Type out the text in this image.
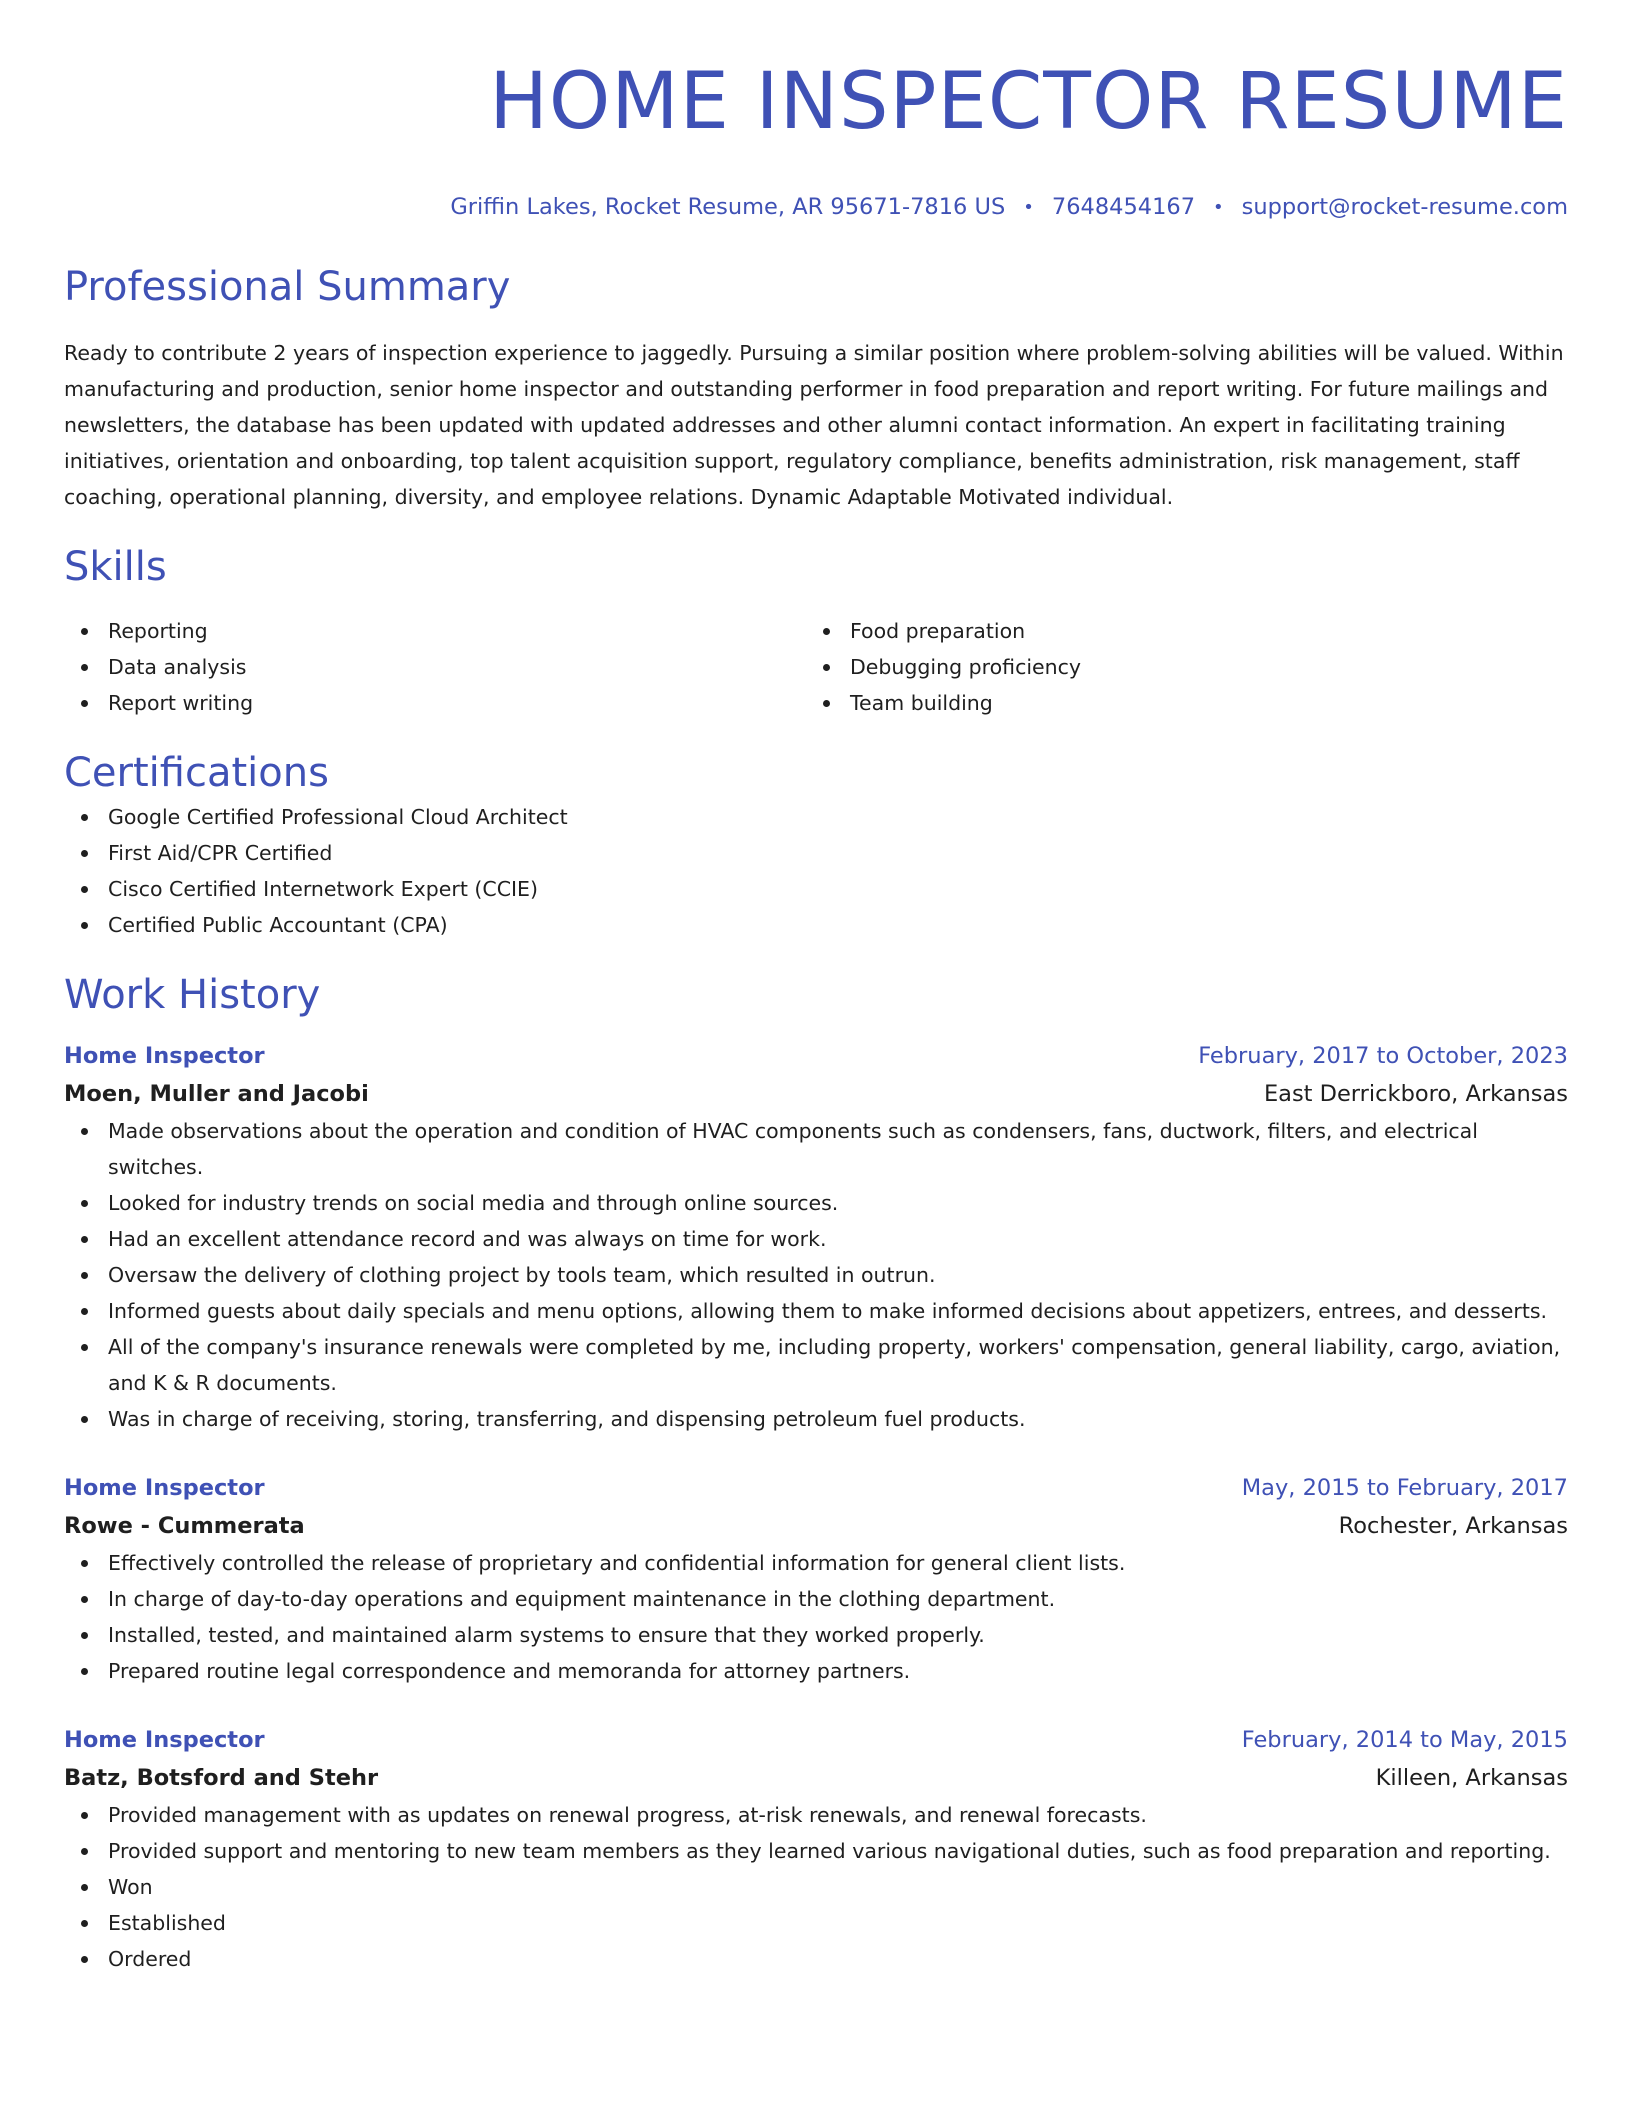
HOME INSPECTOR RESUME
Griffin Lakes, Rocket Resume, AR 95671-7816 US • 7648454167 • support@rocket-resume.com
Professional Summary
Ready to contribute 2 years of inspection experience to jaggedly. Pursuing a similar position where problem-solving abilities will be valued. Within manufacturing and production, senior home inspector and outstanding performer in food preparation and report writing. For future mailings and newsletters, the database has been updated with updated addresses and other alumni contact information. An expert in facilitating training initiatives, orientation and onboarding, top talent acquisition support, regulatory compliance, benefits administration, risk management, staff coaching, operational planning, diversity, and employee relations. Dynamic Adaptable Motivated individual.
Skills
Reporting
Data analysis
Report writing
Food preparation
Debugging proficiency
Team building
Certifications
Google Certified Professional Cloud Architect
First Aid/CPR Certified
Cisco Certified Internetwork Expert (CCIE)
Certified Public Accountant (CPA)
Work History
Home Inspector	February, 2017 to October, 2023
Moen, Muller and Jacobi	East Derrickboro, Arkansas
Made observations about the operation and condition of HVAC components such as condensers, fans, ductwork, filters, and electrical switches.
Looked for industry trends on social media and through online sources.
Had an excellent attendance record and was always on time for work.
Oversaw the delivery of clothing project by tools team, which resulted in outrun.
Informed guests about daily specials and menu options, allowing them to make informed decisions about appetizers, entrees, and desserts.
All of the company's insurance renewals were completed by me, including property, workers' compensation, general liability, cargo, aviation, and K & R documents.
Was in charge of receiving, storing, transferring, and dispensing petroleum fuel products.
Home Inspector	May, 2015 to February, 2017
Rowe - Cummerata	Rochester, Arkansas
Effectively controlled the release of proprietary and confidential information for general client lists.
In charge of day-to-day operations and equipment maintenance in the clothing department.
Installed, tested, and maintained alarm systems to ensure that they worked properly.
Prepared routine legal correspondence and memoranda for attorney partners.
Home Inspector	February, 2014 to May, 2015
Batz, Botsford and Stehr	Killeen, Arkansas
Provided management with as updates on renewal progress, at-risk renewals, and renewal forecasts.
Provided support and mentoring to new team members as they learned various navigational duties, such as food preparation and reporting.
Won
Established
Ordered
